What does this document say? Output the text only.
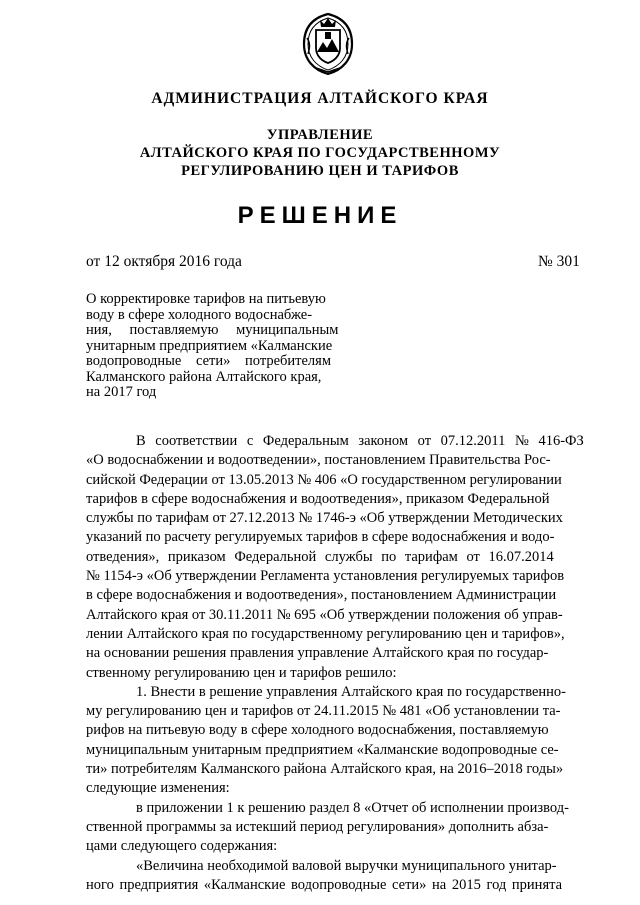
АДМИНИСТРАЦИЯ АЛТАЙСКОГО КРАЯ
УПРАВЛЕНИЕ
АЛТАЙСКОГО КРАЯ ПО ГОСУДАРСТВЕННОМУ
РЕГУЛИРОВАНИЮ ЦЕН И ТАРИФОВ
РЕШЕНИЕ
от 12 октября 2016 года	№ 301
О корректировке тарифов на питьевую
воду в сфере холодного водоснабже-
ния, поставляемую муниципальным
унитарным предприятием «Калманские
водопроводные сети» потребителям
Калманского района Алтайского края,
на 2017 год
В соответствии с Федеральным законом от 07.12.2011 № 416-ФЗ
«О водоснабжении и водоотведении», постановлением Правительства Рос-
сийской Федерации от 13.05.2013 № 406 «О государственном регулировании
тарифов в сфере водоснабжения и водоотведения», приказом Федеральной
службы по тарифам от 27.12.2013 № 1746-э «Об утверждении Методических
указаний по расчету регулируемых тарифов в сфере водоснабжения и водо-
отведения», приказом Федеральной службы по тарифам от 16.07.2014
№ 1154-э «Об утверждении Регламента установления регулируемых тарифов
в сфере водоснабжения и водоотведения», постановлением Администрации
Алтайского края от 30.11.2011 № 695 «Об утверждении положения об управ-
лении Алтайского края по государственному регулированию цен и тарифов»,
на основании решения правления управление Алтайского края по государ-
ственному регулированию цен и тарифов решило:
1. Внести в решение управления Алтайского края по государственно-
му регулированию цен и тарифов от 24.11.2015 № 481 «Об установлении та-
рифов на питьевую воду в сфере холодного водоснабжения, поставляемую
муниципальным унитарным предприятием «Калманские водопроводные се-
ти» потребителям Калманского района Алтайского края, на 2016–2018 годы»
следующие изменения:
в приложении 1 к решению раздел 8 «Отчет об исполнении производ-
ственной программы за истекший период регулирования» дополнить абза-
цами следующего содержания:
«Величина необходимой валовой выручки муниципального унитар-
ного предприятия «Калманские водопроводные сети» на 2015 год принята
